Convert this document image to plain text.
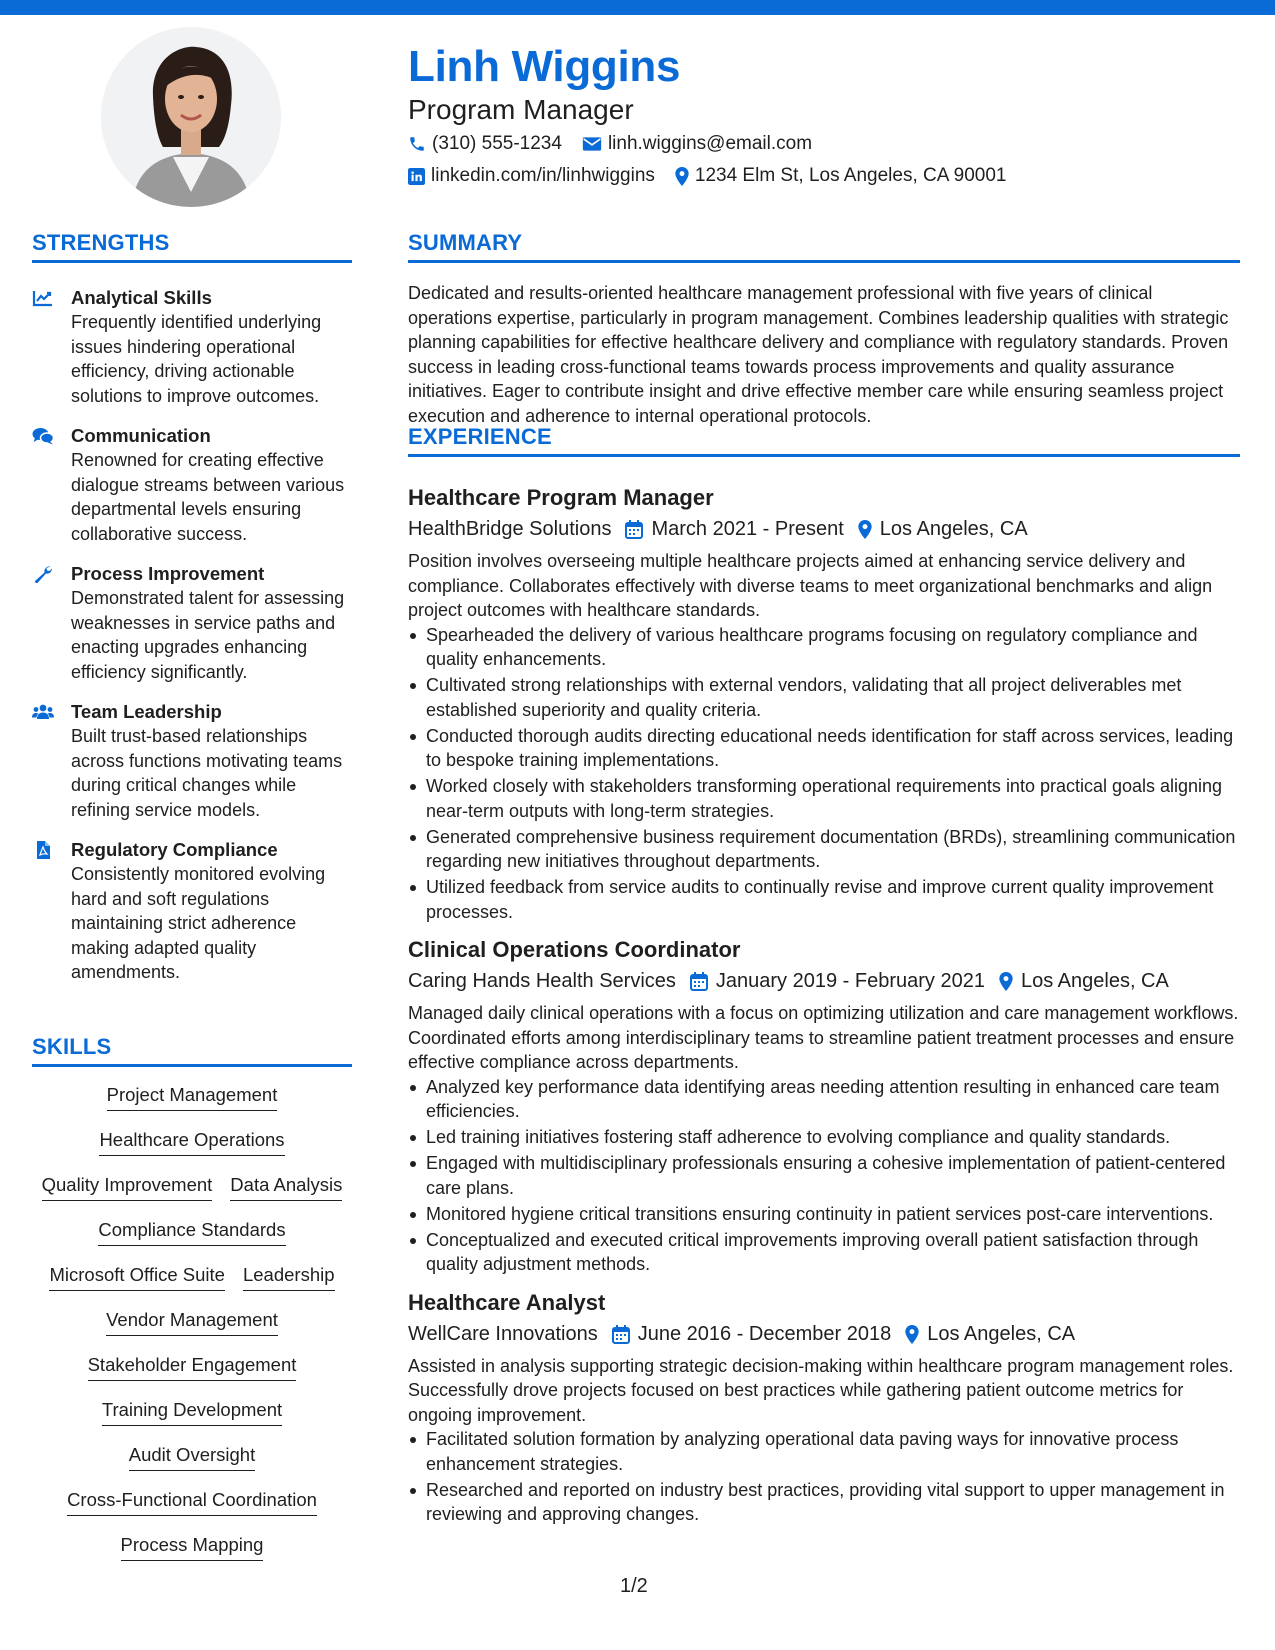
Linh Wiggins
Program Manager
(310) 555-1234 linh.wiggins@email.com
linkedin.com/in/linhwiggins 1234 Elm St, Los Angeles, CA 90001
STRENGTHS
Analytical Skills
Frequently identified underlying issues hindering operational efficiency, driving actionable solutions to improve outcomes.
Communication
Renowned for creating effective dialogue streams between various departmental levels ensuring collaborative success.
Process Improvement
Demonstrated talent for assessing weaknesses in service paths and enacting upgrades enhancing efficiency significantly.
Team Leadership
Built trust-based relationships across functions motivating teams during critical changes while refining service models.
Regulatory Compliance
Consistently monitored evolving hard and soft regulations maintaining strict adherence making adapted quality amendments.
SKILLS
Project Management
Healthcare Operations
Quality Improvement Data Analysis
Compliance Standards
Microsoft Office Suite Leadership
Vendor Management
Stakeholder Engagement
Training Development
Audit Oversight
Cross-Functional Coordination
Process Mapping
SUMMARY
Dedicated and results-oriented healthcare management professional with five years of clinical operations expertise, particularly in program management. Combines leadership qualities with strategic planning capabilities for effective healthcare delivery and compliance with regulatory standards. Proven success in leading cross-functional teams towards process improvements and quality assurance initiatives. Eager to contribute insight and drive effective member care while ensuring seamless project execution and adherence to internal operational protocols.
EXPERIENCE
Healthcare Program Manager
HealthBridge Solutions March 2021 - Present Los Angeles, CA
Position involves overseeing multiple healthcare projects aimed at enhancing service delivery and compliance. Collaborates effectively with diverse teams to meet organizational benchmarks and align project outcomes with healthcare standards.
Spearheaded the delivery of various healthcare programs focusing on regulatory compliance and quality enhancements.
Cultivated strong relationships with external vendors, validating that all project deliverables met established superiority and quality criteria.
Conducted thorough audits directing educational needs identification for staff across services, leading to bespoke training implementations.
Worked closely with stakeholders transforming operational requirements into practical goals aligning near-term outputs with long-term strategies.
Generated comprehensive business requirement documentation (BRDs), streamlining communication regarding new initiatives throughout departments.
Utilized feedback from service audits to continually revise and improve current quality improvement processes.
Clinical Operations Coordinator
Caring Hands Health Services January 2019 - February 2021 Los Angeles, CA
Managed daily clinical operations with a focus on optimizing utilization and care management workflows. Coordinated efforts among interdisciplinary teams to streamline patient treatment processes and ensure effective compliance across departments.
Analyzed key performance data identifying areas needing attention resulting in enhanced care team efficiencies.
Led training initiatives fostering staff adherence to evolving compliance and quality standards.
Engaged with multidisciplinary professionals ensuring a cohesive implementation of patient-centered care plans.
Monitored hygiene critical transitions ensuring continuity in patient services post-care interventions.
Conceptualized and executed critical improvements improving overall patient satisfaction through quality adjustment methods.
Healthcare Analyst
WellCare Innovations June 2016 - December 2018 Los Angeles, CA
Assisted in analysis supporting strategic decision-making within healthcare program management roles. Successfully drove projects focused on best practices while gathering patient outcome metrics for ongoing improvement.
Facilitated solution formation by analyzing operational data paving ways for innovative process enhancement strategies.
Researched and reported on industry best practices, providing vital support to upper management in reviewing and approving changes.
1/2
